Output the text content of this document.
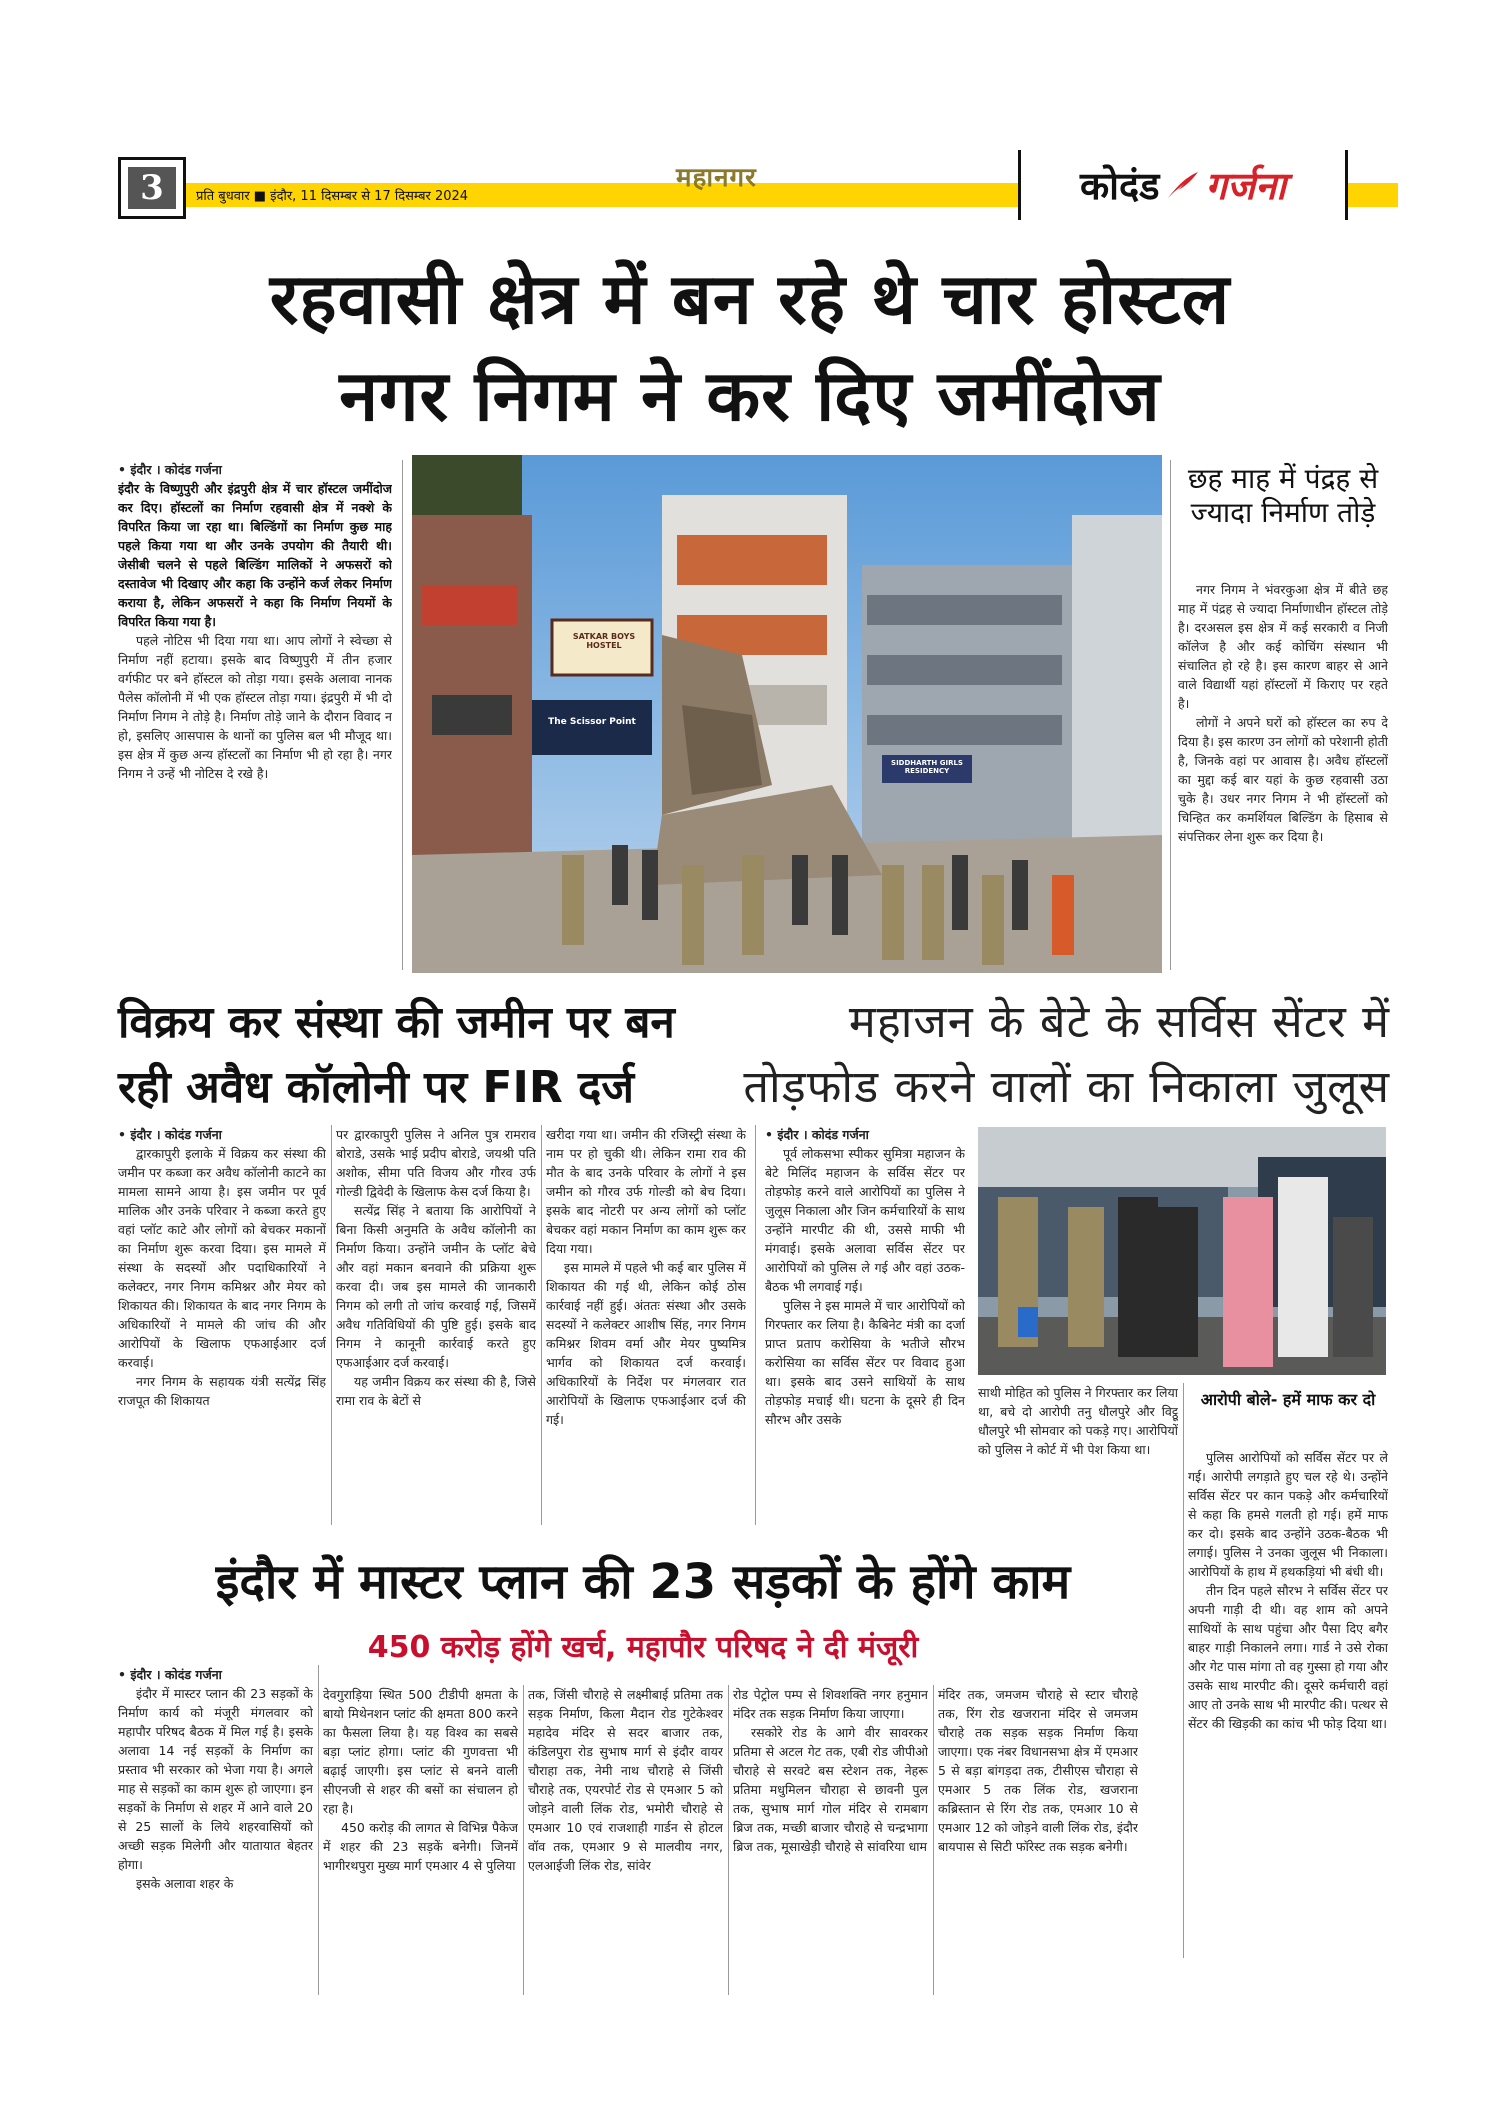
3	प्रति बुधवार ■ इंदौर, 11 दिसम्बर से 17 दिसम्बर 2024
महानगर	कोदंड गर्जना
रहवासी क्षेत्र में बन रहे थे चार होस्टल
नगर निगम ने कर दिए जमींदोज
• इंदौर । कोदंड गर्जना

इंदौर के विष्णुपुरी और इंद्रपुरी क्षेत्र में चार हॉस्टल जमींदोज कर दिए। हॉस्टलों का निर्माण रहवासी क्षेत्र में नक्शे के विपरित किया जा रहा था। बिल्डिंगों का निर्माण कुछ माह पहले किया गया था और उनके उपयोग की तैयारी थी। जेसीबी चलने से पहले बिल्डिंग मालिकों ने अफसरों को दस्तावेज भी दिखाए और कहा कि उन्होंने कर्ज लेकर निर्माण कराया है, लेकिन अफसरों ने कहा कि निर्माण नियमों के विपरित किया गया है।

पहले नोटिस भी दिया गया था। आप लोगों ने स्वेच्छा से निर्माण नहीं हटाया। इसके बाद विष्णुपुरी में तीन हजार वर्गफीट पर बने हॉस्टल को तोड़ा गया। इसके अलावा नानक पैलेस कॉलोनी में भी एक हॉस्टल तोड़ा गया। इंद्रपुरी में भी दो निर्माण निगम ने तोड़े है। निर्माण तोड़े जाने के दौरान विवाद न हो, इसलिए आसपास के थानों का पुलिस बल भी मौजूद था। इस क्षेत्र में कुछ अन्य हॉस्टलों का निर्माण भी हो रहा है। नगर निगम ने उन्हें भी नोटिस दे रखे है।

SATKAR BOYS HOSTEL
The Scissor Point
SIDDHARTH GIRLS RESIDENCY
छह माह में पंद्रह से ज्यादा निर्माण तोड़े

नगर निगम ने भंवरकुआ क्षेत्र में बीते छह माह में पंद्रह से ज्यादा निर्माणाधीन हॉस्टल तोड़े है। दरअसल इस क्षेत्र में कई सरकारी व निजी कॉलेज है और कई कोचिंग संस्थान भी संचालित हो रहे है। इस कारण बाहर से आने वाले विद्यार्थी यहां हॉस्टलों में किराए पर रहते है।

लोगों ने अपने घरों को हॉस्टल का रुप दे दिया है। इस कारण उन लोगों को परेशानी होती है, जिनके वहां पर आवास है। अवैध हॉस्टलों का मुद्दा कई बार यहां के कुछ रहवासी उठा चुके है। उधर नगर निगम ने भी हॉस्टलों को चिन्हित कर कमर्शियल बिल्डिंग के हिसाब से संपत्तिकर लेना शुरू कर दिया है।

विक्रय कर संस्था की जमीन पर बन
रही अवैध कॉलोनी पर FIR दर्ज
महाजन के बेटे के सर्विस सेंटर में
तोड़फोड करने वालों का निकाला जुलूस
• इंदौर । कोदंड गर्जना

द्वारकापुरी इलाके में विक्रय कर संस्था की जमीन पर कब्जा कर अवैध कॉलोनी काटने का मामला सामने आया है। इस जमीन पर पूर्व मालिक और उनके परिवार ने कब्जा करते हुए वहां प्लॉट काटे और लोगों को बेचकर मकानों का निर्माण शुरू करवा दिया। इस मामले में संस्था के सदस्यों और पदाधिकारियों ने कलेक्टर, नगर निगम कमिश्नर और मेयर को शिकायत की। शिकायत के बाद नगर निगम के अधिकारियों ने मामले की जांच की और आरोपियों के खिलाफ एफआईआर दर्ज करवाई।

नगर निगम के सहायक यंत्री सत्येंद्र सिंह राजपूत की शिकायत

पर द्वारकापुरी पुलिस ने अनिल पुत्र रामराव बोराडे, उसके भाई प्रदीप बोराडे, जयश्री पति अशोक, सीमा पति विजय और गौरव उर्फ गोल्डी द्विवेदी के खिलाफ केस दर्ज किया है।

सत्येंद्र सिंह ने बताया कि आरोपियों ने बिना किसी अनुमति के अवैध कॉलोनी का निर्माण किया। उन्होंने जमीन के प्लॉट बेचे और वहां मकान बनवाने की प्रक्रिया शुरू करवा दी। जब इस मामले की जानकारी निगम को लगी तो जांच करवाई गई, जिसमें अवैध गतिविधियों की पुष्टि हुई। इसके बाद निगम ने कानूनी कार्रवाई करते हुए एफआईआर दर्ज करवाई।

यह जमीन विक्रय कर संस्था की है, जिसे रामा राव के बेटों से

खरीदा गया था। जमीन की रजिस्ट्री संस्था के नाम पर हो चुकी थी। लेकिन रामा राव की मौत के बाद उनके परिवार के लोगों ने इस जमीन को गौरव उर्फ गोल्डी को बेच दिया। इसके बाद नोटरी पर अन्य लोगों को प्लॉट बेचकर वहां मकान निर्माण का काम शुरू कर दिया गया।

इस मामले में पहले भी कई बार पुलिस में शिकायत की गई थी, लेकिन कोई ठोस कार्रवाई नहीं हुई। अंततः संस्था और उसके सदस्यों ने कलेक्टर आशीष सिंह, नगर निगम कमिश्नर शिवम वर्मा और मेयर पुष्यमित्र भार्गव को शिकायत दर्ज करवाई। अधिकारियों के निर्देश पर मंगलवार रात आरोपियों के खिलाफ एफआईआर दर्ज की गई।

• इंदौर । कोदंड गर्जना

पूर्व लोकसभा स्पीकर सुमित्रा महाजन के बेटे मिलिंद महाजन के सर्विस सेंटर पर तोड़फोड़ करने वाले आरोपियों का पुलिस ने जुलूस निकाला और जिन कर्मचारियों के साथ उन्होंने मारपीट की थी, उससे माफी भी मंगवाई। इसके अलावा सर्विस सेंटर पर आरोपियों को पुलिस ले गई और वहां उठक-बैठक भी लगवाई गई।

पुलिस ने इस मामले में चार आरोपियों को गिरफ्तार कर लिया है। कैबिनेट मंत्री का दर्जा प्राप्त प्रताप करोसिया के भतीजे सौरभ करोसिया का सर्विस सेंटर पर विवाद हुआ था। इसके बाद उसने साथियों के साथ तोड़फोड़ मचाई थी। घटना के दूसरे ही दिन सौरभ और उसके

साथी मोहित को पुलिस ने गिरफ्तार कर लिया था, बचे दो आरोपी तनु धौलपुरे और विट्ठू धौलपुरे भी सोमवार को पकड़े गए। आरोपियों को पुलिस ने कोर्ट में भी पेश किया था।

आरोपी बोले- हमें माफ कर दो

पुलिस आरोपियों को सर्विस सेंटर पर ले गई। आरोपी लगड़ाते हुए चल रहे थे। उन्होंने सर्विस सेंटर पर कान पकड़े और कर्मचारियों से कहा कि हमसे गलती हो गई। हमें माफ कर दो। इसके बाद उन्होंने उठक-बैठक भी लगाई। पुलिस ने उनका जुलूस भी निकाला। आरोपियों के हाथ में हथकड़ियां भी बंधी थी।

तीन दिन पहले सौरभ ने सर्विस सेंटर पर अपनी गाड़ी दी थी। वह शाम को अपने साथियों के साथ पहुंचा और पैसा दिए बगैर बाहर गाड़ी निकालने लगा। गार्ड ने उसे रोका और गेट पास मांगा तो वह गुस्सा हो गया और उसके साथ मारपीट की। दूसरे कर्मचारी वहां आए तो उनके साथ भी मारपीट की। पत्थर से सेंटर की खिड़की का कांच भी फोड़ दिया था।

इंदौर में मास्टर प्लान की 23 सड़कों के होंगे काम
450 करोड़ होंगे खर्च, महापौर परिषद ने दी मंजूरी
• इंदौर । कोदंड गर्जना

इंदौर में मास्टर प्लान की 23 सड़कों के निर्माण कार्य को मंजूरी मंगलवार को महापौर परिषद बैठक में मिल गई है। इसके अलावा 14 नई सड़कों के निर्माण का प्रस्ताव भी सरकार को भेजा गया है। अगले माह से सड़कों का काम शुरू हो जाएगा। इन सड़कों के निर्माण से शहर में आने वाले 20 से 25 सालों के लिये शहरवासियों को अच्छी सड़क मिलेगी और यातायात बेहतर होगा।

इसके अलावा शहर के

देवगुराड़िया स्थित 500 टीडीपी क्षमता के बायो मिथेनशन प्लांट की क्षमता 800 करने का फैसला लिया है। यह विश्व का सबसे बड़ा प्लांट होगा। प्लांट की गुणवत्ता भी बढ़ाई जाएगी। इस प्लांट से बनने वाली सीएनजी से शहर की बसों का संचालन हो रहा है।

450 करोड़ की लागत से विभिन्न पैकेज में शहर की 23 सड़कें बनेगी। जिनमें भागीरथपुरा मुख्य मार्ग एमआर 4 से पुलिया

तक, जिंसी चौराहे से लक्ष्मीबाई प्रतिमा तक सड़क निर्माण, किला मैदान रोड गुटेकेश्वर महादेव मंदिर से सदर बाजार तक, कंडिलपुरा रोड सुभाष मार्ग से इंदौर वायर चौराहा तक, नेमी नाथ चौराहे से जिंसी चौराहे तक, एयरपोर्ट रोड से एमआर 5 को जोड़ने वाली लिंक रोड, भमोरी चौराहे से एमआर 10 एवं राजशाही गार्डन से होटल वॉव तक, एमआर 9 से मालवीय नगर, एलआईजी लिंक रोड, सांवेर

रोड पेट्रोल पम्प से शिवशक्ति नगर हनुमान मंदिर तक सड़क निर्माण किया जाएगा।

रसकोरे रोड के आगे वीर सावरकर प्रतिमा से अटल गेट तक, एबी रोड जीपीओ चौराहे से सरवटे बस स्टेशन तक, नेहरू प्रतिमा मधुमिलन चौराहा से छावनी पुल तक, सुभाष मार्ग गोल मंदिर से रामबाग ब्रिज तक, मच्छी बाजार चौराहे से चन्द्रभागा ब्रिज तक, मूसाखेड़ी चौराहे से सांवरिया धाम

मंदिर तक, जमजम चौराहे से स्टार चौराहे तक, रिंग रोड खजराना मंदिर से जमजम चौराहे तक सड़क सड़क निर्माण किया जाएगा। एक नंबर विधानसभा क्षेत्र में एमआर 5 से बड़ा बांगड़दा तक, टीसीएस चौराहा से एमआर 5 तक लिंक रोड, खजराना कब्रिस्तान से रिंग रोड तक, एमआर 10 से एमआर 12 को जोड़ने वाली लिंक रोड, इंदौर बायपास से सिटी फॉरेस्ट तक सड़क बनेगी।
